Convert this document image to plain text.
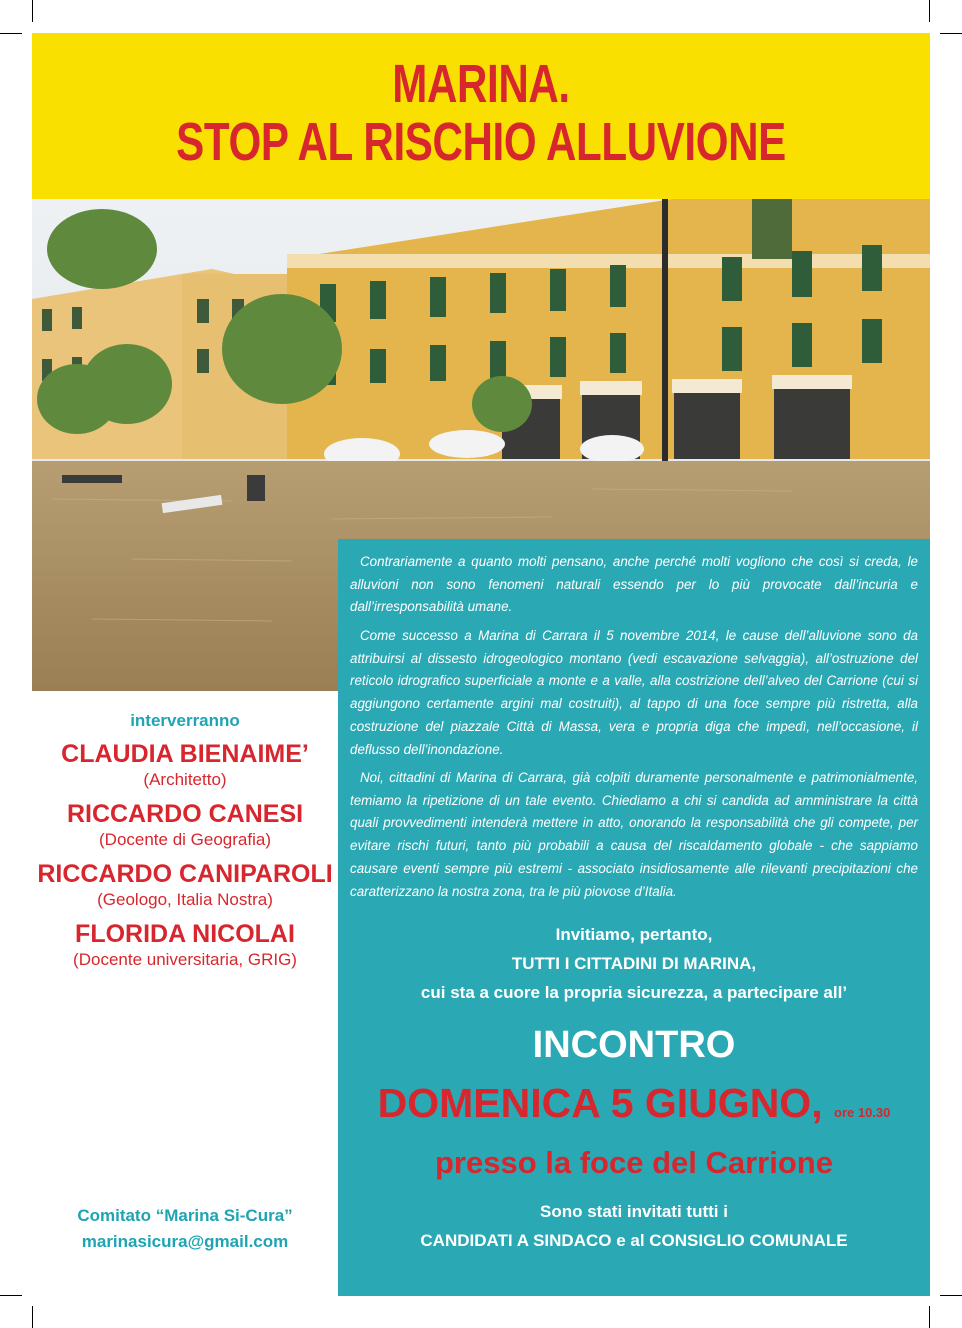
MARINA.
STOP AL RISCHIO ALLUVIONE

Contrariamente a quanto molti pensano, anche perché molti vogliono che così si creda, le alluvioni non sono fenomeni naturali essendo per lo più provocate dall’incuria e dall’irresponsabilità umane.

Come successo a Marina di Carrara il 5 novembre 2014, le cause dell’alluvione sono da attribuirsi al dissesto idrogeologico montano (vedi escavazione selvaggia), all’ostruzione del reticolo idrografico superficiale a monte e a valle, alla costrizione dell’alveo del Carrione (cui si aggiungono certamente argini mal costruiti), al tappo di una foce sempre più ristretta, alla costruzione del piazzale Città di Massa, vera e propria diga che impedì, nell’occasione, il deflusso dell’inondazione.

Noi, cittadini di Marina di Carrara, già colpiti duramente personalmente e patrimonialmente, temiamo la ripetizione di un tale evento. Chiediamo a chi si candida ad amministrare la città quali provvedimenti intenderà mettere in atto, onorando la responsabilità che gli compete, per evitare rischi futuri, tanto più probabili a causa del riscaldamento globale - che sappiamo causare eventi sempre più estremi - associato insidiosamente alle rilevanti precipitazioni che caratterizzano la nostra zona, tra le più piovose d’Italia.

Invitiamo, pertanto,
TUTTI I CITTADINI DI MARINA,
cui sta a cuore la propria sicurezza, a partecipare all’
INCONTRO
DOMENICA 5 GIUGNO, ore 10.30
presso la foce del Carrione
Sono stati invitati tutti i
CANDIDATI A SINDACO e al CONSIGLIO COMUNALE

interverranno

CLAUDIA BIENAIME’

(Architetto)

RICCARDO CANESI

(Docente di Geografia)

RICCARDO CANIPAROLI

(Geologo, Italia Nostra)

FLORIDA NICOLAI

(Docente universitaria, GRIG)

Comitato “Marina Si-Cura”
marinasicura@gmail.com
